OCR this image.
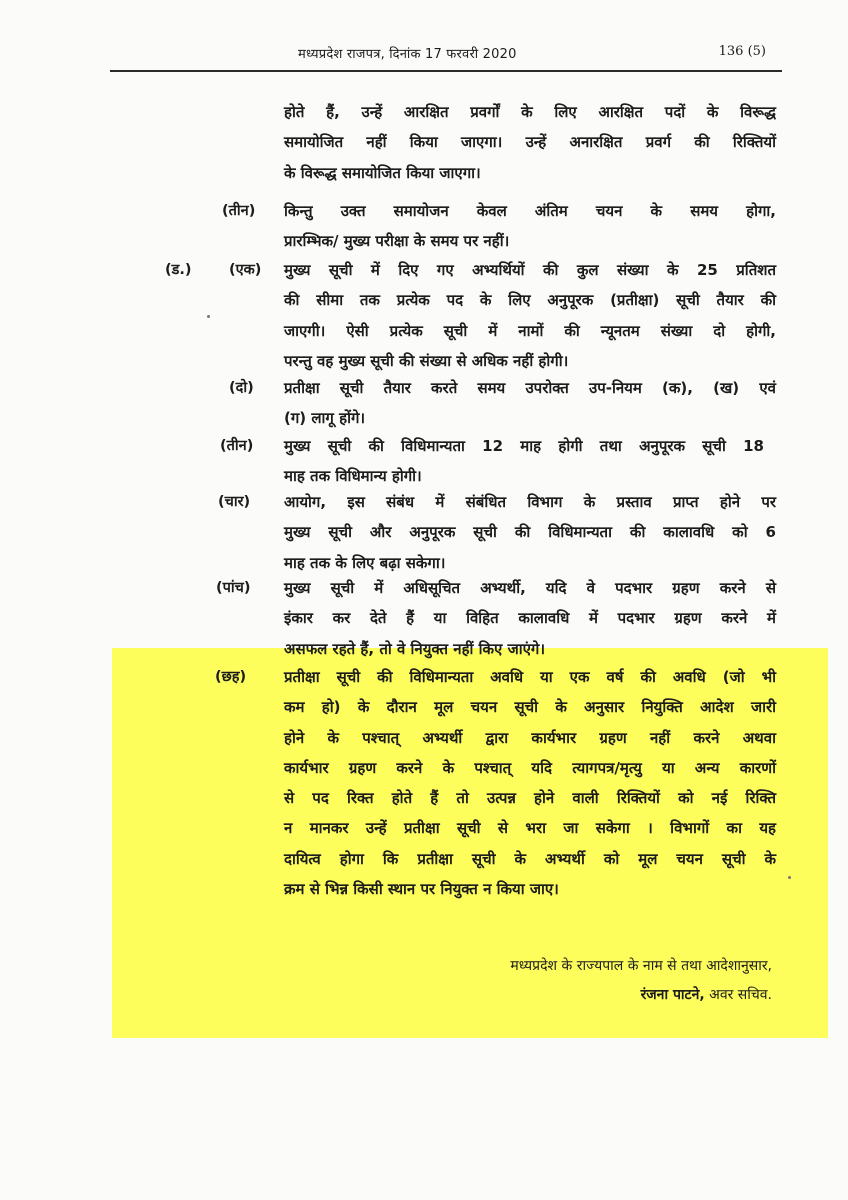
मध्यप्रदेश राजपत्र, दिनांक 17 फरवरी 2020	136 (5)
होते हैं, उन्हें आरक्षित प्रवर्गों के लिए आरक्षित पदों के विरूद्ध
समायोजित नहीं किया जाएगा। उन्हें अनारक्षित प्रवर्ग की रिक्तियों
के विरूद्ध समायोजित किया जाएगा।
(तीन) किन्तु उक्त समायोजन केवल अंतिम चयन के समय होगा,
प्रारम्भिक/ मुख्य परीक्षा के समय पर नहीं।
(ड.)	(एक) मुख्य सूची में दिए गए अभ्यर्थियों की कुल संख्या के 25 प्रतिशत
की सीमा तक प्रत्येक पद के लिए अनुपूरक (प्रतीक्षा) सूची तैयार की
जाएगी। ऐसी प्रत्येक सूची में नामों की न्यूनतम संख्या दो होगी,
परन्तु वह मुख्य सूची की संख्या से अधिक नहीं होगी।
(दो) प्रतीक्षा सूची तैयार करते समय उपरोक्त उप-नियम (क), (ख) एवं
(ग) लागू होंगे।
(तीन) मुख्य सूची की विधिमान्यता 12 माह होगी तथा अनुपूरक सूची 18
माह तक विधिमान्य होगी।
(चार) आयोग, इस संबंध में संबंधित विभाग के प्रस्ताव प्राप्त होने पर
मुख्य सूची और अनुपूरक सूची की विधिमान्यता की कालावधि को 6
माह तक के लिए बढ़ा सकेगा।
(पांच) मुख्य सूची में अधिसूचित अभ्यर्थी, यदि वे पदभार ग्रहण करने से
इंकार कर देते हैं या विहित कालावधि में पदभार ग्रहण करने में
असफल रहते हैं, तो वे नियुक्त नहीं किए जाएंगे।
(छह)	प्रतीक्षा सूची की विधिमान्यता अवधि या एक वर्ष की अवधि (जो भी
कम हो) के दौरान मूल चयन सूची के अनुसार नियुक्ति आदेश जारी
होने के पश्चात् अभ्यर्थी द्वारा कार्यभार ग्रहण नहीं करने अथवा
कार्यभार ग्रहण करने के पश्चात् यदि त्यागपत्र/मृत्यु या अन्य कारणों
से पद रिक्त होते हैं तो उत्पन्न होने वाली रिक्तियों को नई रिक्ति
न मानकर उन्हें प्रतीक्षा सूची से भरा जा सकेगा । विभागों का यह
दायित्व होगा कि प्रतीक्षा सूची के अभ्यर्थी को मूल चयन सूची के
क्रम से भिन्न किसी स्थान पर नियुक्त न किया जाए।
मध्यप्रदेश के राज्यपाल के नाम से तथा आदेशानुसार,
रंजना पाटने, अवर सचिव.
